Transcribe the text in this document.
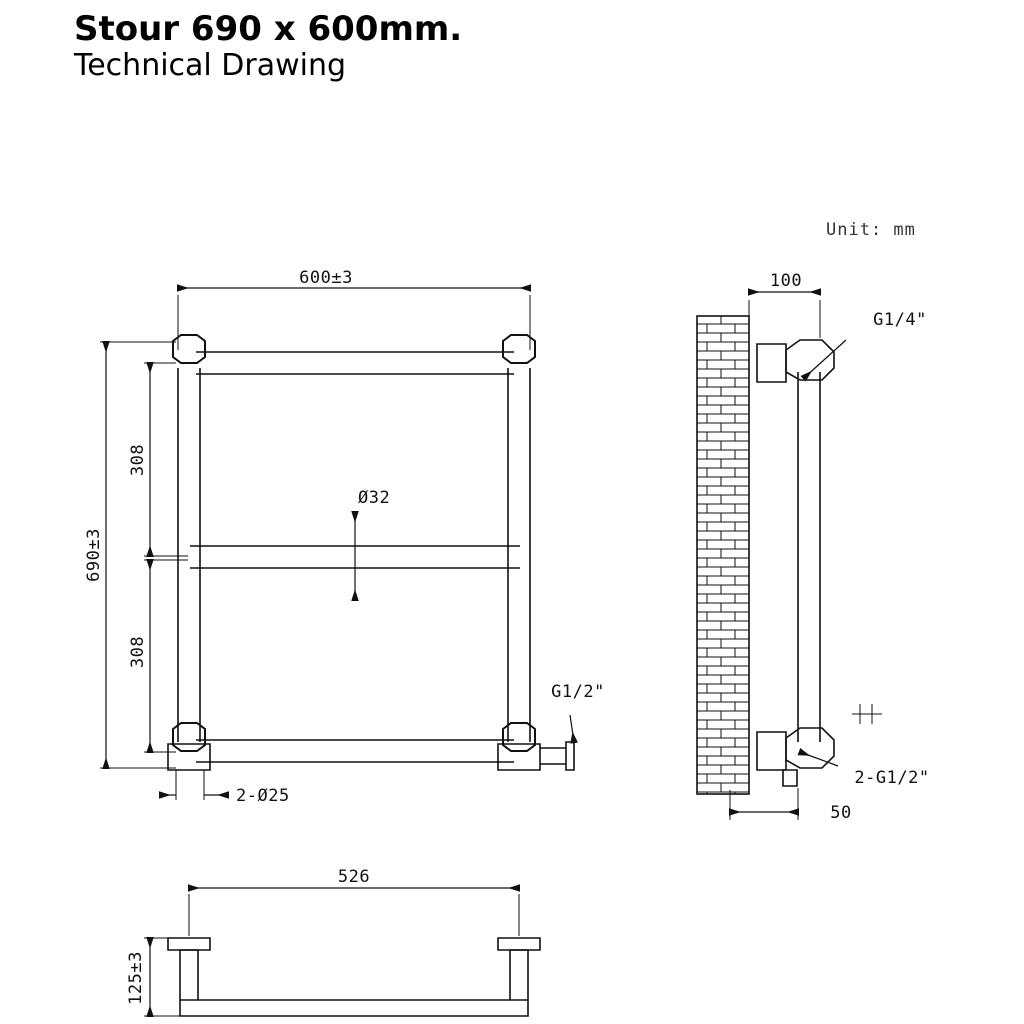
Stour 690 x 600mm.
Technical Drawing
Unit: mm
600±3
690±3
308
308
Ø32
2-Ø25
G1/2"
100
G1/4"
2-G1/2"
50
526
125±3
